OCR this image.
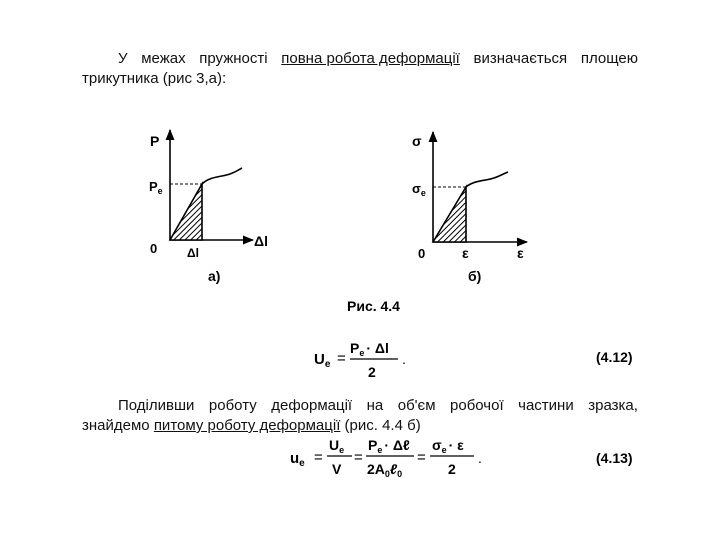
У межах пружності повна робота деформації визначається площею
трикутника (рис 3,а):
P
$P_e$
0 Δl
Δl
а)
σ
$\sigma_e$
0	ε	ε
б)
Рис. 4.4
$U_e$ =
$P_e \cdot \Delta l$
2
.	(4.12)
$u_e$ =
$U_e$
V
=
$P_e$ · Δℓ
$2A_0\ell_0$
=
$\sigma_e \cdot \varepsilon$
2
.	(4.13)
Поділивши роботу деформації на об'єм робочої частини зразка,
знайдемо питому роботу деформації (рис. 4.4 б)
